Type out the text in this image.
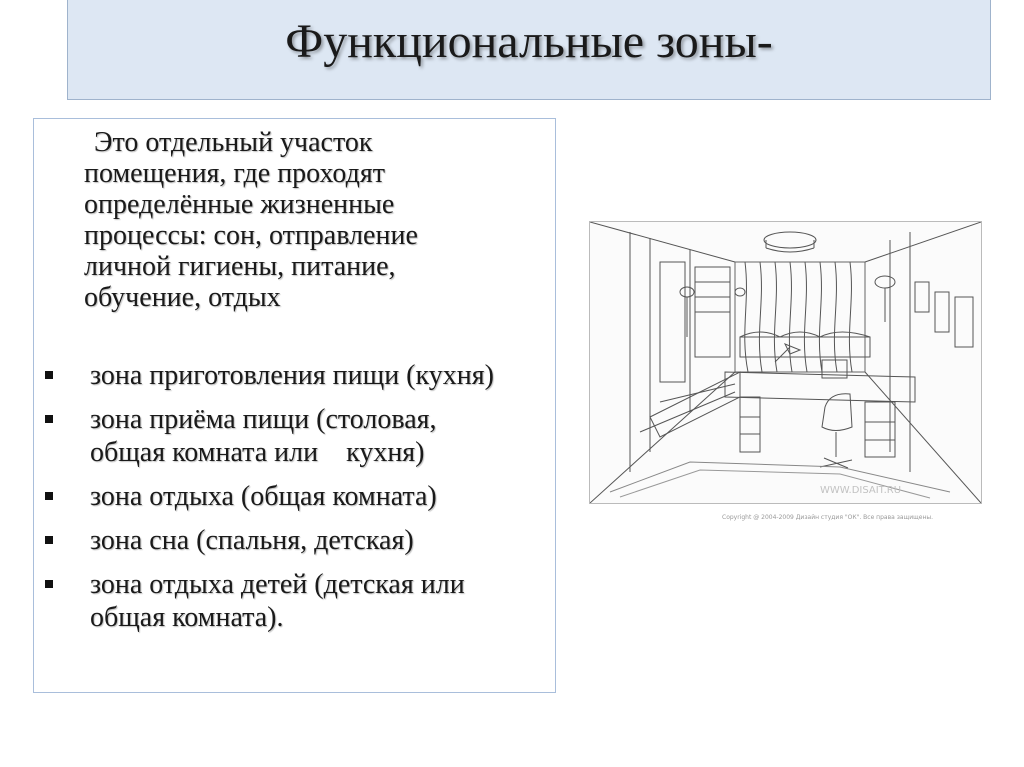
Функциональные зоны-

Это отдельный участок
помещения, где проходят
определённые жизненные
процессы: сон, отправление
личной гигиены, питание,
обучение, отдых

зона приготовления пищи (кухня)
зона приёма пищи (столовая, общая комната или    кухня)
зона отдыха (общая комната)
зона сна (спальня, детская)
зона отдыха детей (детская или общая комната).
WWW.DISAIT.RU
Copyright @ 2004-2009 Дизайн студия "ОК". Все права защищены.
